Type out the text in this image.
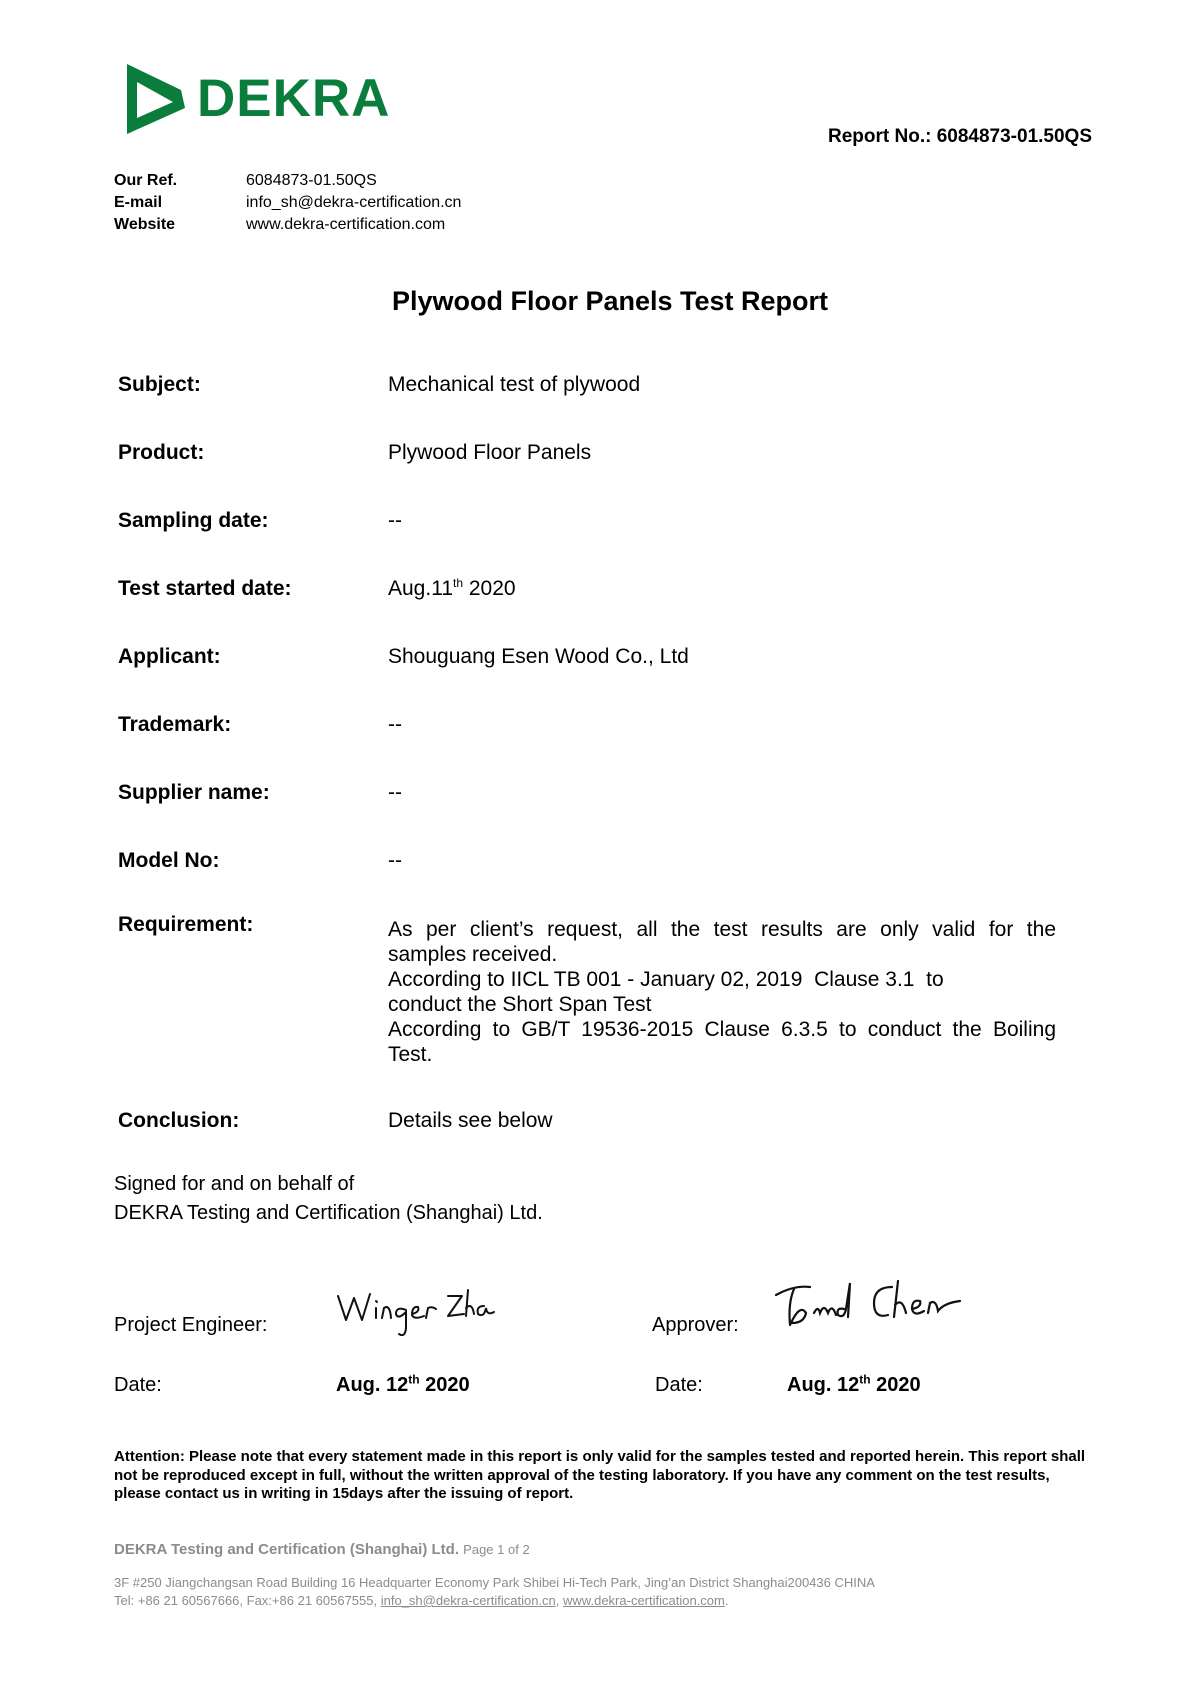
DEKRA
Report No.: 6084873-01.50QS
Our Ref.	6084873-01.50QS
E-mail	info_sh@dekra-certification.cn
Website	www.dekra-certification.com
Plywood Floor Panels Test Report
Subject:	Mechanical test of plywood
Product:	Plywood Floor Panels
Sampling date:	--
Test started date:	Aug.11th 2020
Applicant:	Shouguang Esen Wood Co., Ltd
Trademark:	--
Supplier name:	--
Model No:	--
Requirement:	As per client’s request, all the test results are only valid for the
samples received.
According to IICL TB 001 - January 02, 2019  Clause 3.1  to
conduct the Short Span Test
According to GB/T 19536-2015 Clause 6.3.5 to conduct the Boiling
Test.
Conclusion:	Details see below
Signed for and on behalf of
DEKRA Testing and Certification (Shanghai) Ltd.
Project Engineer:	Approver:
Date:	Aug. 12th 2020	Date:	Aug. 12th 2020
Attention: Please note that every statement made in this report is only valid for the samples tested and reported herein. This report shall not be reproduced except in full, without the written approval of the testing laboratory. If you have any comment on the test results, please contact us in writing in 15days after the issuing of report.
DEKRA Testing and Certification (Shanghai) Ltd. Page 1 of 2
3F #250 Jiangchangsan Road Building 16 Headquarter Economy Park Shibei Hi-Tech Park, Jing’an District Shanghai200436 CHINA
Tel: +86 21 60567666, Fax:+86 21 60567555, info_sh@dekra-certification.cn, www.dekra-certification.com.
